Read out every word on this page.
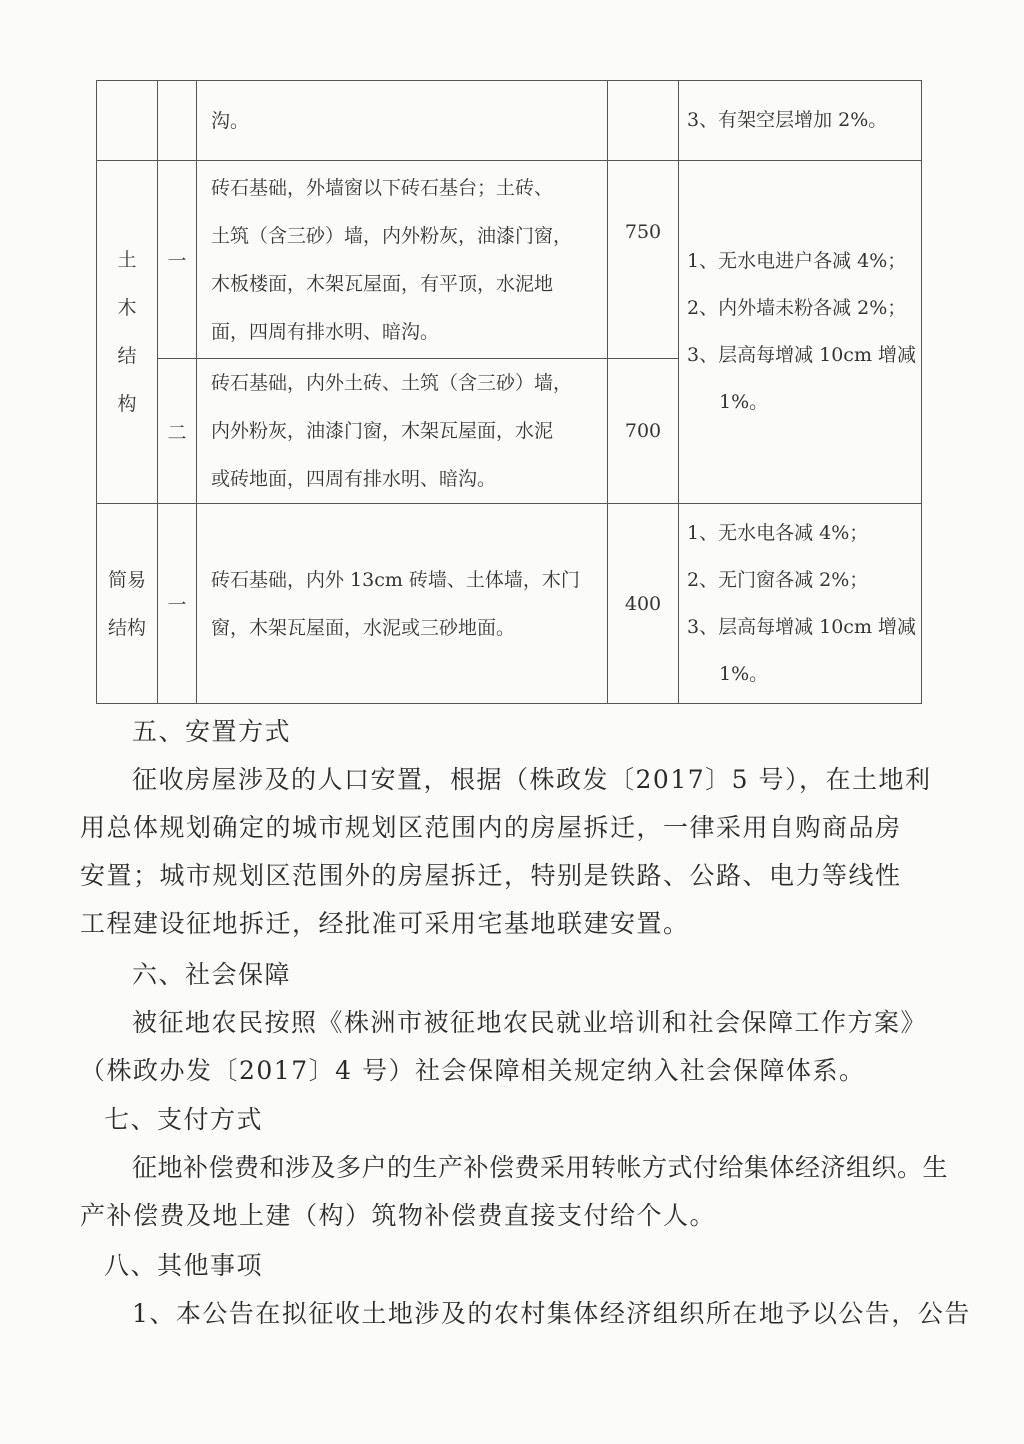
		沟。		3、有架空层增加 2%。

土
木
结
构	一	砖石基础，外墙窗以下砖石基台；土砖、
土筑（含三砂）墙，内外粉灰，油漆门窗，
木板楼面，木架瓦屋面，有平顶，水泥地
面，四周有排水明、暗沟。	750	1、无水电进户各减 4%；
2、内外墙未粉各减 2%；
3、层高每增减 10cm 增减
1%。

	二	砖石基础，内外土砖、土筑（含三砂）墙，
内外粉灰，油漆门窗，木架瓦屋面，水泥
或砖地面，四周有排水明、暗沟。	700	

简易
结构	一	砖石基础，内外 13cm 砖墙、土体墙，木门
窗，木架瓦屋面，水泥或三砂地面。	400	1、无水电各减 4%；
2、无门窗各减 2%；
3、层高每增减 10cm 增减
1%。
五、安置方式
征收房屋涉及的人口安置，根据（株政发〔2017〕5 号），在土地利
用总体规划确定的城市规划区范围内的房屋拆迁，一律采用自购商品房
安置；城市规划区范围外的房屋拆迁，特别是铁路、公路、电力等线性
工程建设征地拆迁，经批准可采用宅基地联建安置。
六、社会保障
被征地农民按照《株洲市被征地农民就业培训和社会保障工作方案》
（株政办发〔2017〕4 号）社会保障相关规定纳入社会保障体系。
七、支付方式
征地补偿费和涉及多户的生产补偿费采用转帐方式付给集体经济组织。生
产补偿费及地上建（构）筑物补偿费直接支付给个人。
八、其他事项
1、本公告在拟征收土地涉及的农村集体经济组织所在地予以公告，公告
